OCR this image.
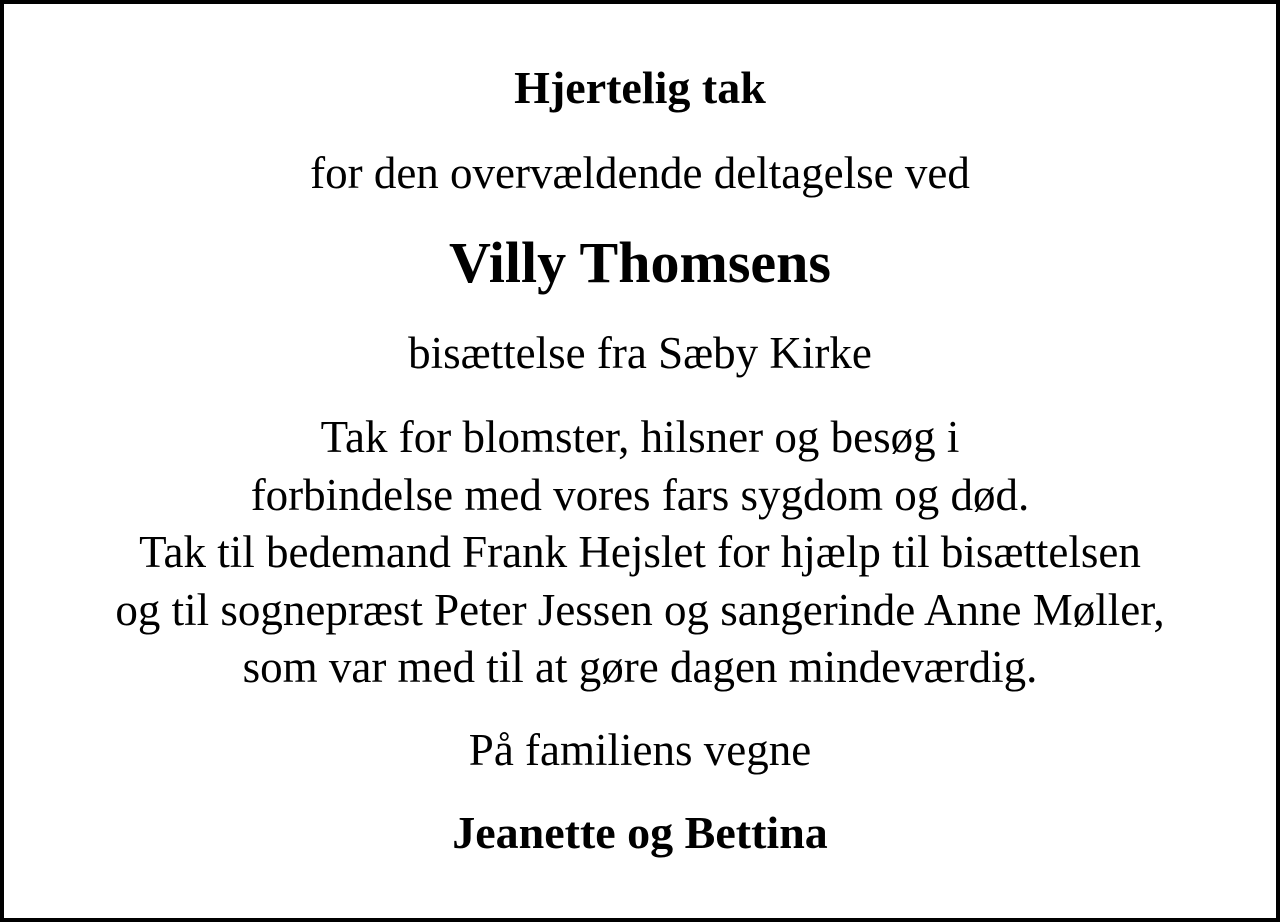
Hjertelig tak

for den overvældende deltagelse ved

Villy Thomsens

bisættelse fra Sæby Kirke

Tak for blomster, hilsner og besøg i
forbindelse med vores fars sygdom og død.
Tak til bedemand Frank Hejslet for hjælp til bisættelsen
og til sognepræst Peter Jessen og sangerinde Anne Møller,
som var med til at gøre dagen mindeværdig.

På familiens vegne

Jeanette og Bettina
